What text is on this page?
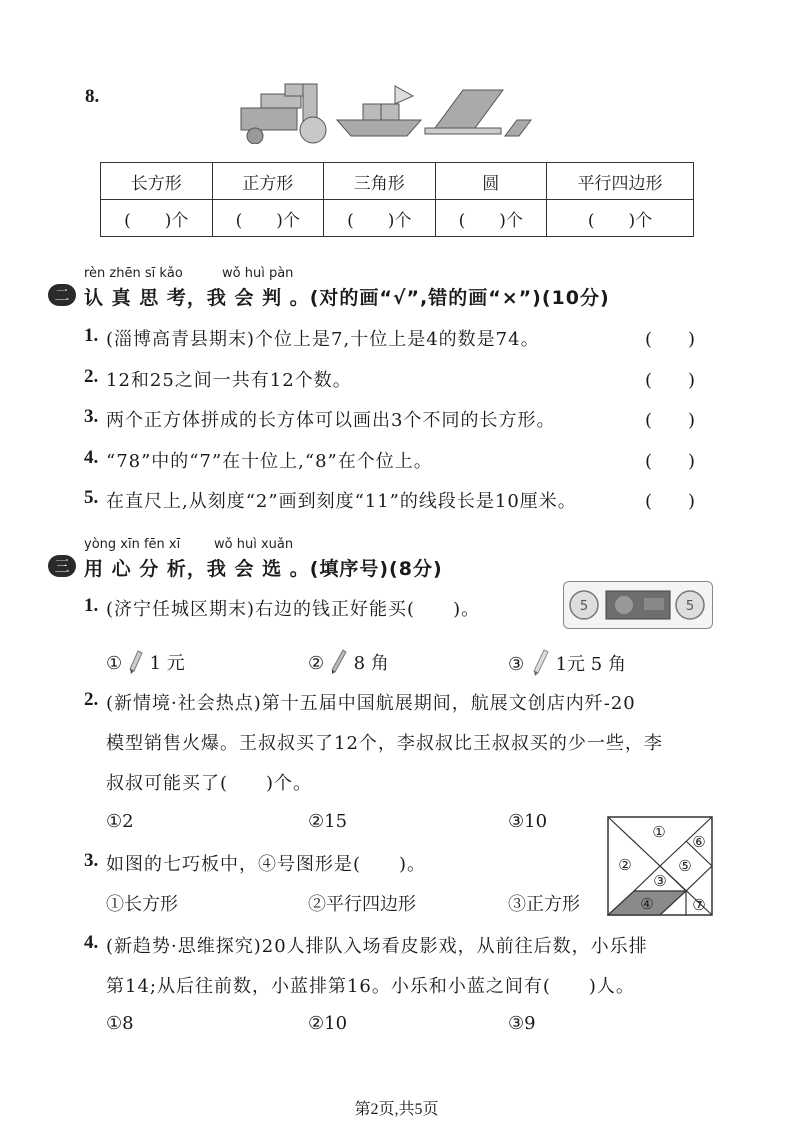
8.
长方形	正方形	三角形	圆	平行四边形
(　　)个	(　　)个	(　　)个	(　　)个	(　　)个
rèn zhēn sī kǎo	wǒ huì pàn
二 认 真 思 考，我 会 判 。(对的画“√”,错的画“×”)(10分)
1. (淄博高青县期末)个位上是7,十位上是4的数是74。	(　　)
2. 12和25之间一共有12个数。	(　　)
3. 两个正方体拼成的长方体可以画出3个不同的长方形。	(　　)
4. “78”中的“7”在十位上,“8”在个位上。	(　　)
5. 在直尺上,从刻度“2”画到刻度“11”的线段长是10厘米。	(　　)
yòng xīn fēn xī	wǒ huì xuǎn
三 用 心 分 析，我 会 选 。(填序号)(8分)
1. (济宁任城区期末)右边的钱正好能买(　　)。	5	5
① 1 元	② 8 角	③ 1元 5 角
2. (新情境·社会热点)第十五届中国航展期间，航展文创店内歼-20
模型销售火爆。王叔叔买了12个，李叔叔比王叔叔买的少一些，李
叔叔可能买了(　　)个。
①2	②15	③10	①
②
③
④
⑤
⑥
⑦
3. 如图的七巧板中，④号图形是(　　)。
①长方形	②平行四边形	③正方形
4. (新趋势·思维探究)20人排队入场看皮影戏，从前往后数，小乐排
第14;从后往前数，小蓝排第16。小乐和小蓝之间有(　　)人。
①8	②10	③9
第2页,共5页
